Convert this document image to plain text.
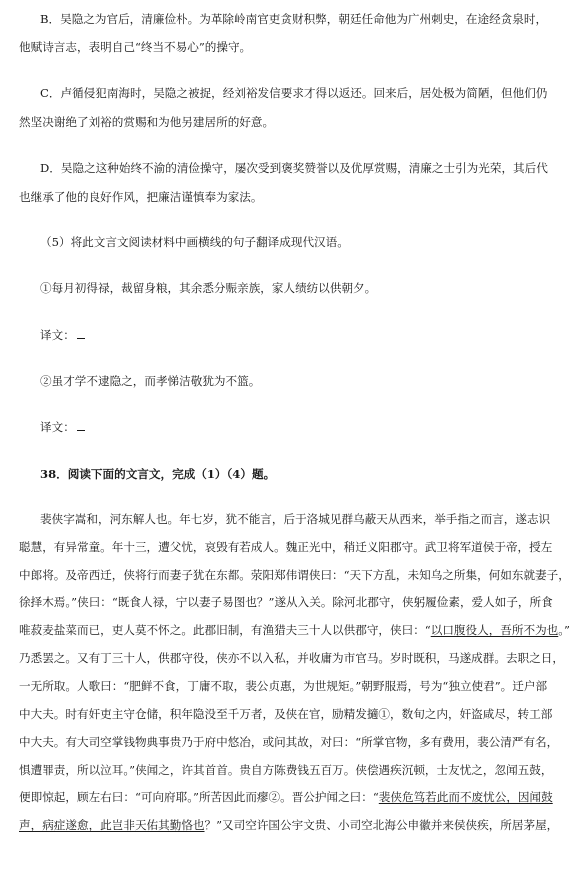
B．吴隐之为官后，清廉俭朴。为革除岭南官吏贪财积弊，朝廷任命他为广州刺史，在途经贪泉时，
他赋诗言志，表明自己“终当不易心”的操守。
C．卢循侵犯南海时，吴隐之被捉，经刘裕发信要求才得以返还。回来后，居处极为简陋，但他们仍
然坚决谢绝了刘裕的赏赐和为他另建居所的好意。
D．吴隐之这种始终不渝的清俭操守，屡次受到褒奖赞誉以及优厚赏赐，清廉之士引为光荣，其后代
也继承了他的良好作风，把廉洁谨慎奉为家法。
（5）将此文言文阅读材料中画横线的句子翻译成现代汉语。
①每月初得禄，裁留身粮，其余悉分赈亲族，家人绩纺以供朝夕。
译文：
②虽才学不逮隐之，而孝悌洁敬犹为不篮。
译文：
38．阅读下面的文言文，完成（1）（4）题。
裴侠字嵩和，河东解人也。年七岁，犹不能言，后于洛城见群乌蔽天从西来，举手指之而言，遂志识
聪慧，有异常童。年十三，遭父忧，哀毁有若成人。魏正光中，稍迁义阳郡守。武卫将军道侯于帝，授左
中郎将。及帝西迁，侠将行而妻子犹在东都。荥阳郑伟谓侠曰：“天下方乱，未知乌之所集，何如东就妻子，
徐择木焉。”侠曰：“既食人禄，宁以妻子易图也？”遂从入关。除河北郡守，侠躬履俭素，爱人如子，所食
唯菽麦盐菜而已，吏人莫不怀之。此郡旧制，有渔猎夫三十人以供郡守，侠曰：“以口腹役人，吾所不为也。”
乃悉罢之。又有丁三十人，供郡守役，侠亦不以入私，并收庸为市官马。岁时既积，马遂成群。去职之日，
一无所取。人歌曰：“肥鲜不食，丁庸不取，裴公贞惠，为世规矩。”朝野服焉，号为“独立使君”。迁户部
中大夫。时有奸吏主守仓储，积年隐没至千万者，及侠在官，励精发擿①，数旬之内，奸盗咸尽，转工部
中大夫。有大司空掌钱物典事贵乃于府中悠冶，或问其故，对曰：“所掌官物，多有费用，裴公清严有名，
惧遭罪责，所以泣耳。”侠闻之，许其首首。贵自方陈费钱五百万。侠偿遇疾沉顿，士友忧之，忽闻五鼓，
便即惊起，顾左右曰：“可向府耶。”所苦因此而瘳②。晋公护闻之曰：“裴侠危笃若此而不废忧公，因闻鼓
声，病症遂愈，此岂非天佑其勤恪也？”又司空许国公宇文贵、小司空北海公申徽并来侯侠疾，所居茅屋，
